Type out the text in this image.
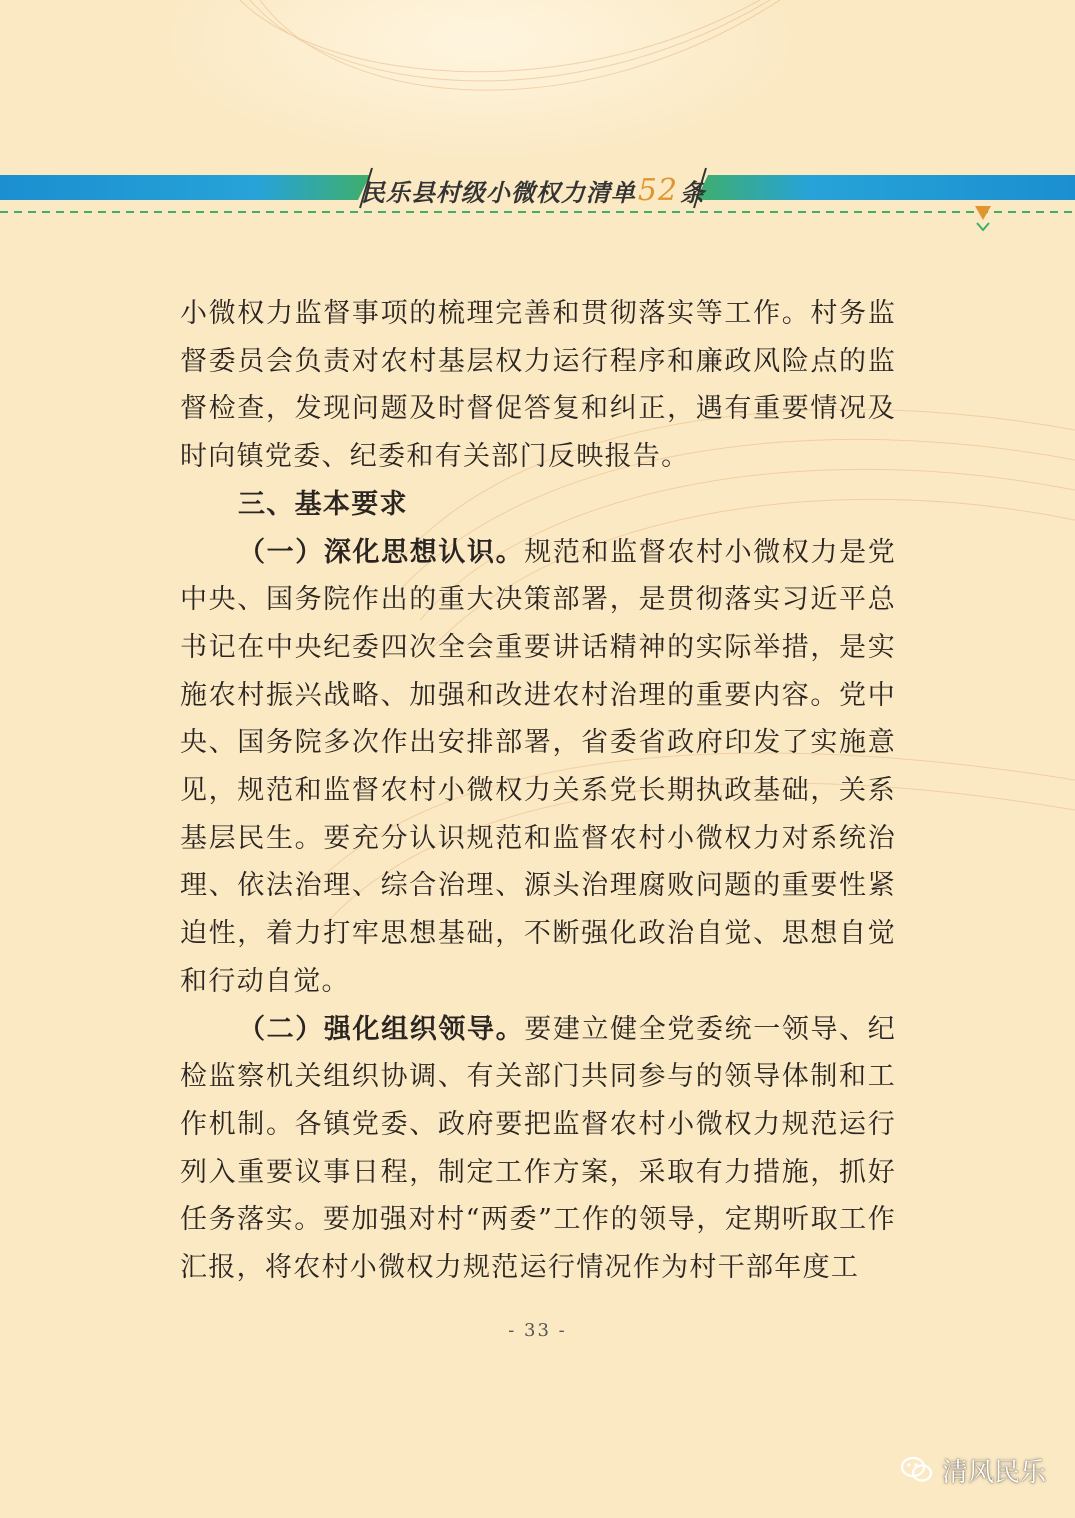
民乐县村级小微权力清单 52 条

小微权力监督事项的梳理完善和贯彻落实等工作。村务监督委员会负责对农村基层权力运行程序和廉政风险点的监督检查，发现问题及时督促答复和纠正，遇有重要情况及时向镇党委、纪委和有关部门反映报告。

三、基本要求

（一）深化思想认识。规范和监督农村小微权力是党中央、国务院作出的重大决策部署，是贯彻落实习近平总书记在中央纪委四次全会重要讲话精神的实际举措，是实施农村振兴战略、加强和改进农村治理的重要内容。党中央、国务院多次作出安排部署，省委省政府印发了实施意见，规范和监督农村小微权力关系党长期执政基础，关系基层民生。要充分认识规范和监督农村小微权力对系统治理、依法治理、综合治理、源头治理腐败问题的重要性紧迫性，着力打牢思想基础，不断强化政治自觉、思想自觉和行动自觉。

（二）强化组织领导。要建立健全党委统一领导、纪检监察机关组织协调、有关部门共同参与的领导体制和工作机制。各镇党委、政府要把监督农村小微权力规范运行列入重要议事日程，制定工作方案，采取有力措施，抓好任务落实。要加强对村“两委”工作的领导，定期听取工作汇报，将农村小微权力规范运行情况作为村干部年度工

- 33 -
清风民乐
